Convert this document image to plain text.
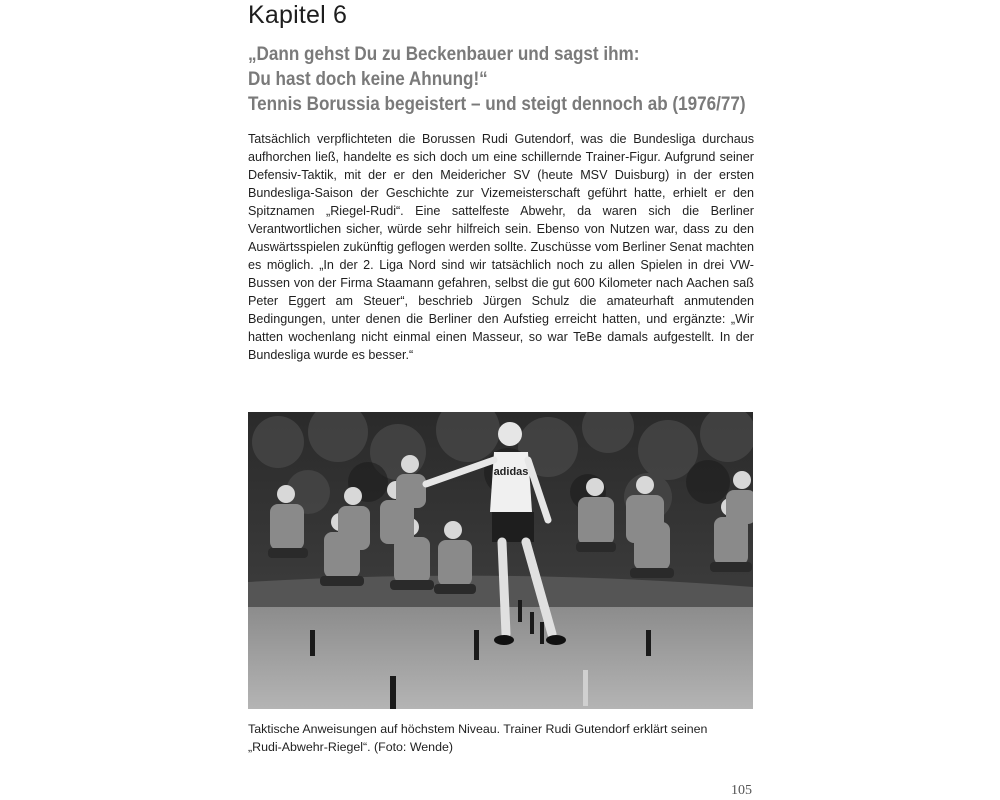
Kapitel 6
„Dann gehst Du zu Beckenbauer und sagst ihm:
Du hast doch keine Ahnung!“
Tennis Borussia begeistert – und steigt dennoch ab (1976/77)

Tatsächlich verpflichteten die Borussen Rudi Gutendorf, was die Bundesliga durchaus aufhorchen ließ, handelte es sich doch um eine schillernde Trainer-Figur. Aufgrund seiner Defensiv-Taktik, mit der er den Meidericher SV (heute MSV Duisburg) in der ersten Bundesliga-Saison der Geschichte zur Vizemeisterschaft geführt hatte, erhielt er den Spitznamen „Riegel-Rudi“. Eine sattelfeste Abwehr, da waren sich die Berliner Verantwortlichen sicher, würde sehr hilfreich sein. Ebenso von Nutzen war, dass zu den Auswärtsspielen zukünftig geflogen werden sollte. Zuschüsse vom Berliner Senat machten es möglich. „In der 2. Liga Nord sind wir tatsächlich noch zu allen Spielen in drei VW-Bussen von der Firma Staamann gefahren, selbst die gut 600 Kilometer nach Aachen saß Peter Eggert am Steuer“, beschrieb Jürgen Schulz die amateurhaft anmutenden Bedingungen, unter denen die Berliner den Aufstieg erreicht hatten, und ergänzte: „Wir hatten wochenlang nicht einmal einen Masseur, so war TeBe damals aufgestellt. In der Bundesliga wurde es besser.“

adidas

Taktische Anweisungen auf höchstem Niveau. Trainer Rudi Gutendorf erklärt seinen
„Rudi-Abwehr-Riegel“. (Foto: Wende)

105
